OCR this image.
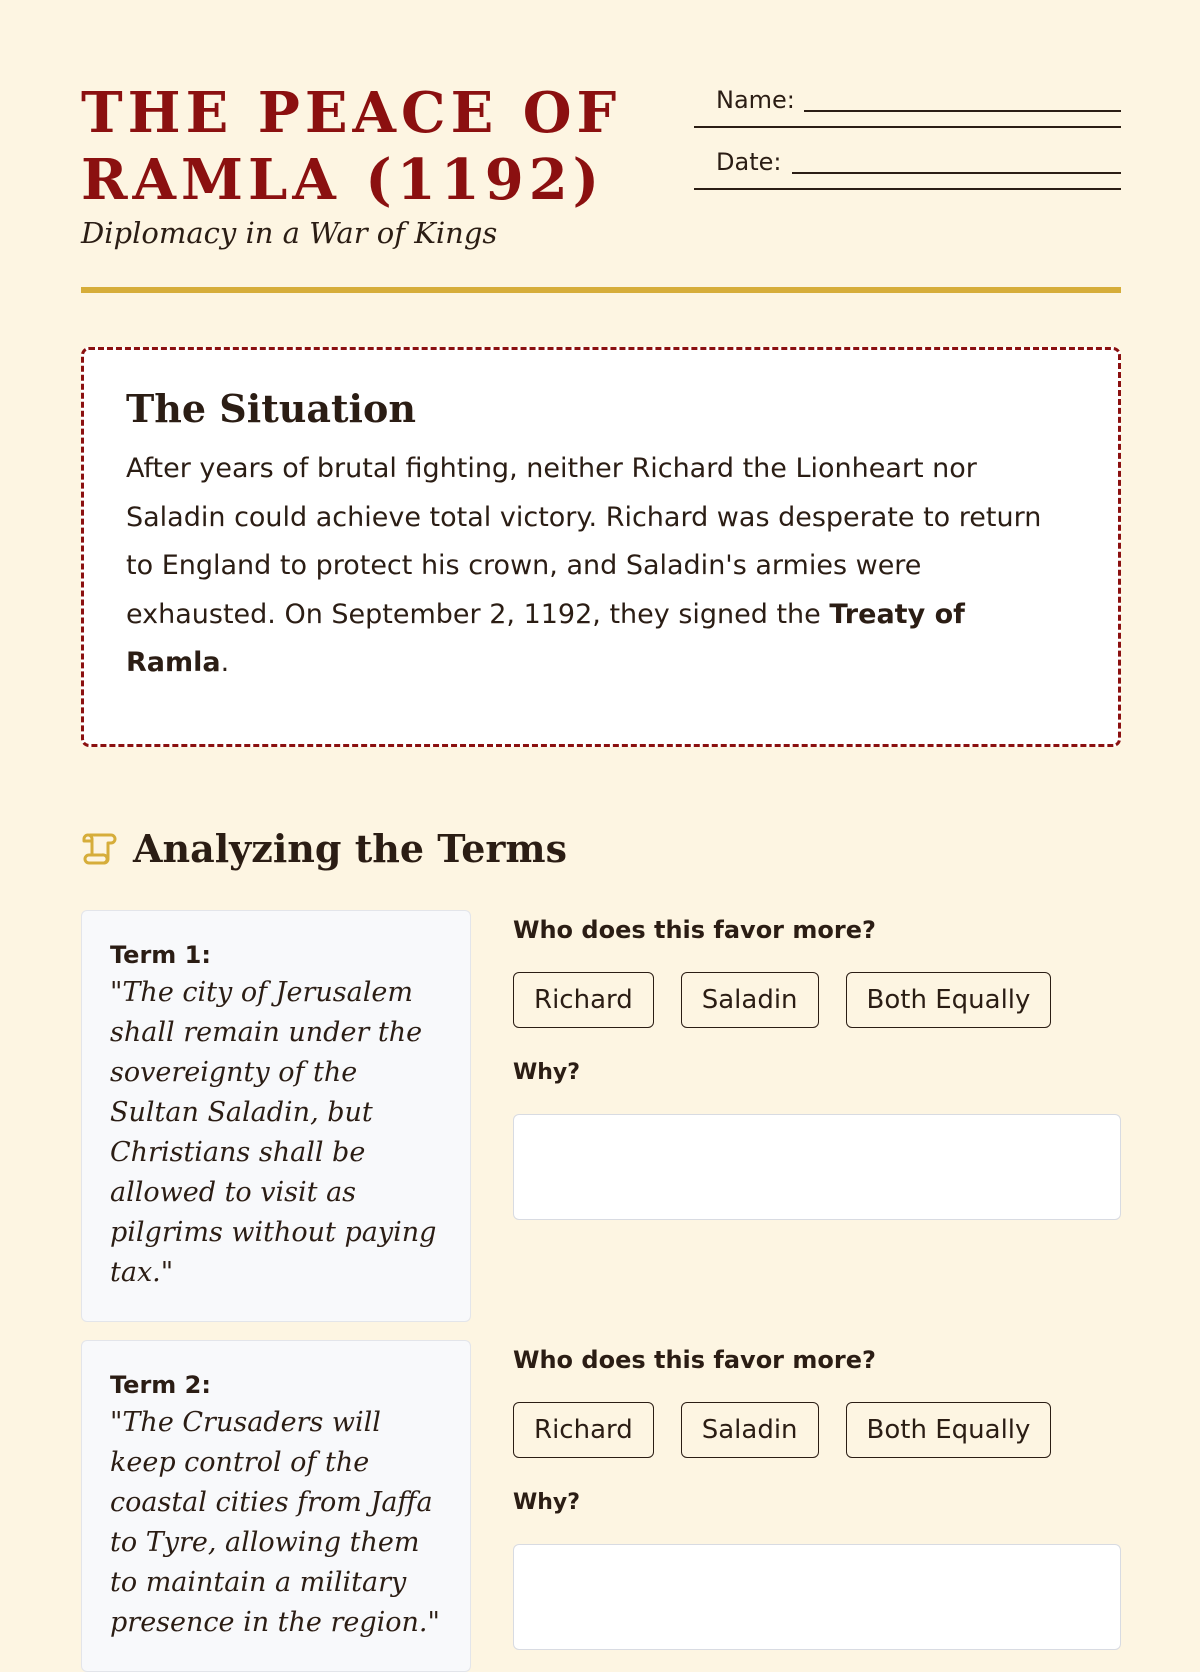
THE PEACE OF RAMLA (1192)

Diplomacy in a War of Kings

Name:
Date:
The Situation

After years of brutal fighting, neither Richard the Lionheart nor Saladin could achieve total victory. Richard was desperate to return to England to protect his crown, and Saladin's armies were exhausted. On September 2, 1192, they signed the Treaty of Ramla.

Analyzing the Terms

Term 1:

"The city of Jerusalem shall remain under the sovereignty of the Sultan Saladin, but Christians shall be allowed to visit as pilgrims without paying tax."

Who does this favor more?

Richard	Saladin	Both Equally

Why?

Term 2:

"The Crusaders will keep control of the coastal cities from Jaffa to Tyre, allowing them to maintain a military presence in the region."

Who does this favor more?

Richard	Saladin	Both Equally

Why?
